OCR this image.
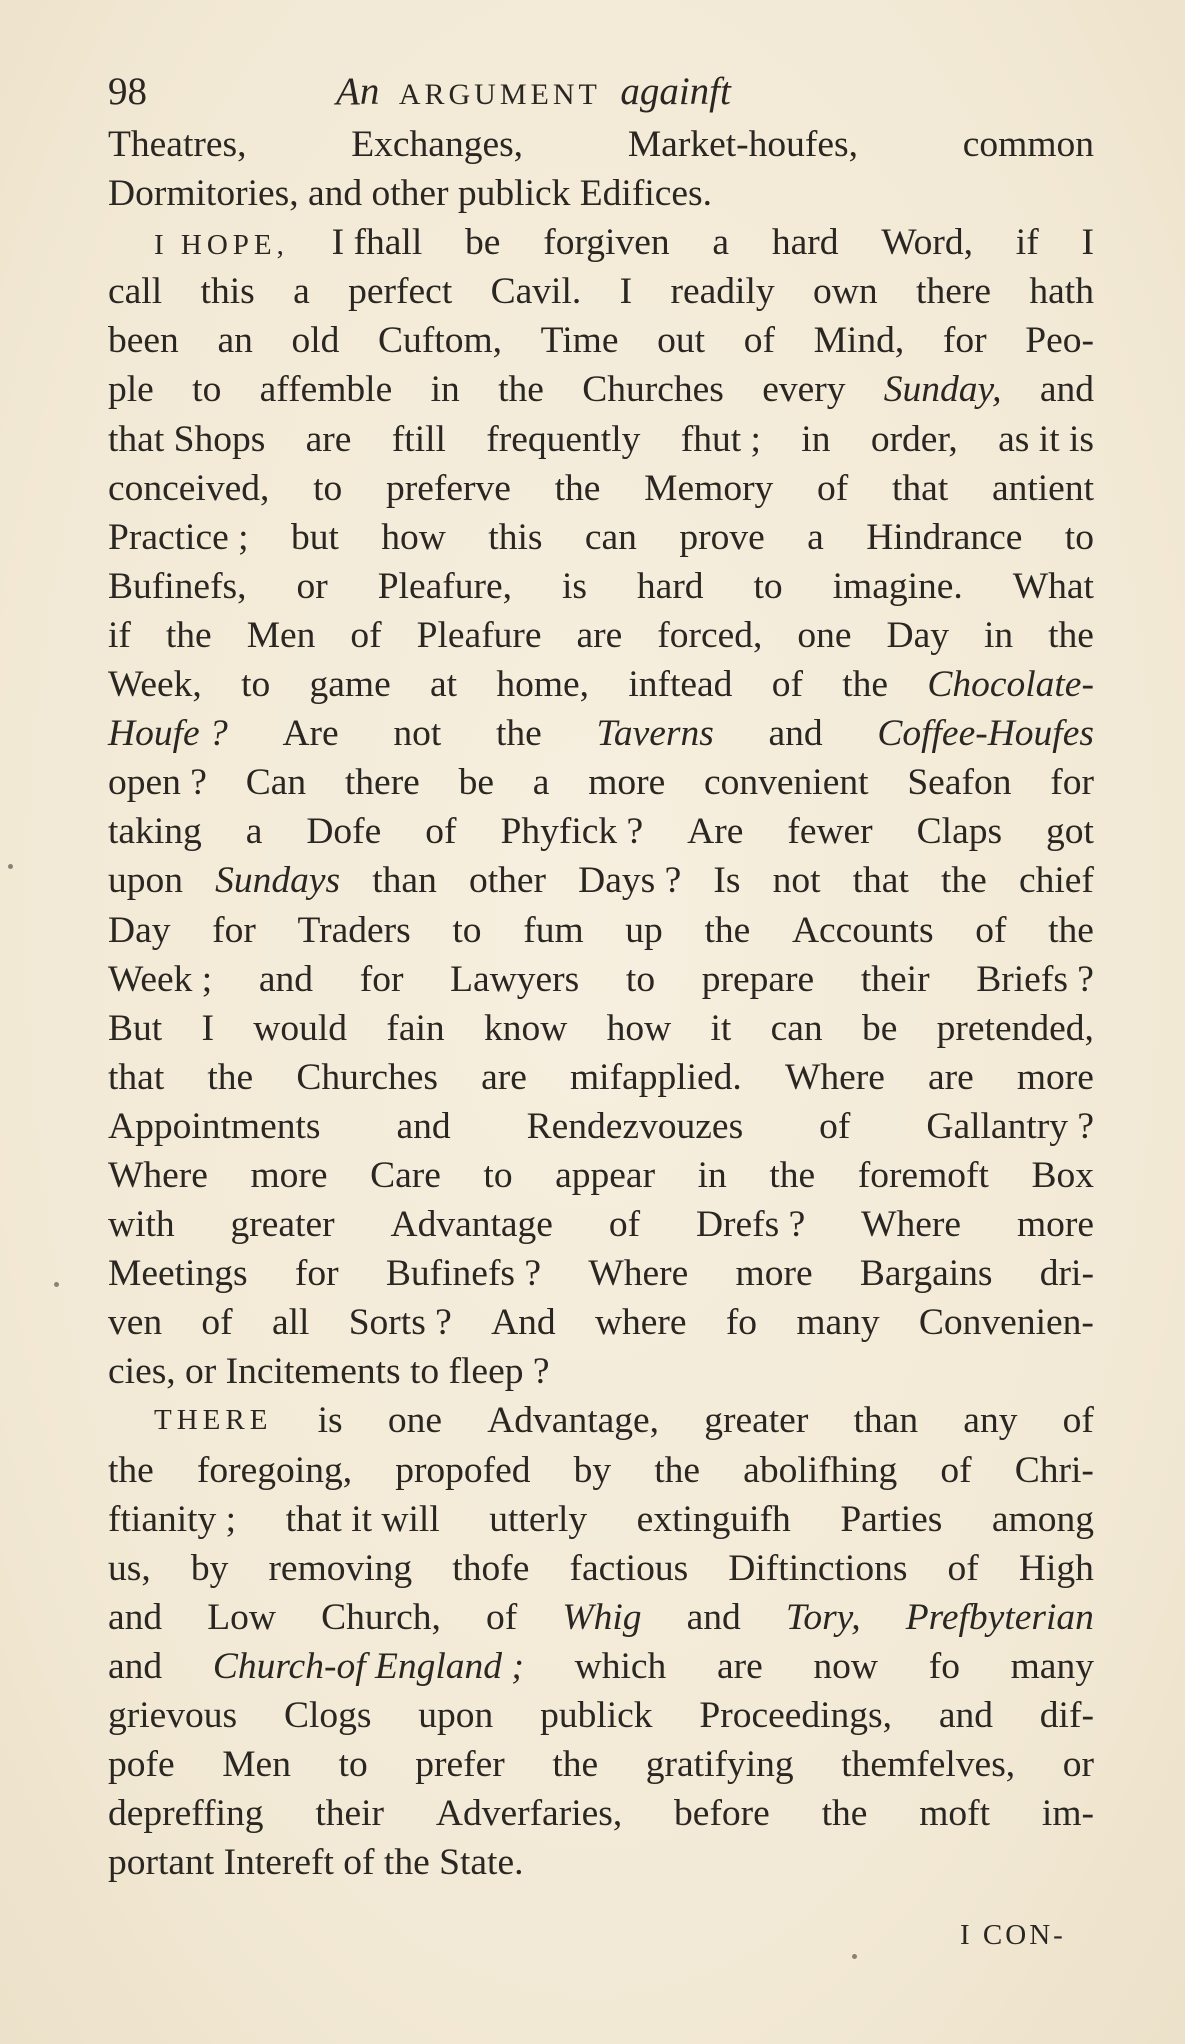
98	An ARGUMENT againft
Theatres,	Exchanges,	Market-houfes,	common
Dormitories, and other publick Edifices.
I HOPE, I fhall be forgiven a hard Word, if I
call this a perfect Cavil. I readily own there hath
been an old Cuftom, Time out of Mind, for Peo-
ple to affemble in the Churches every Sunday, and
that Shops are ftill frequently fhut ; in order, as it is
conceived, to preferve the Memory of that antient
Practice ; but how this can prove a Hindrance to
Bufinefs, or Pleafure, is hard to imagine. What
if the Men of Pleafure are forced, one Day in the
Week, to game at home, inftead of the Chocolate-
Houfe ? Are not the Taverns and Coffee-Houfes
open ? Can there be a more convenient Seafon for
taking a Dofe of Phyfick ? Are fewer Claps got
upon Sundays than other Days ? Is not that the chief
Day for Traders to fum up the Accounts of the
Week ; and for Lawyers to prepare their Briefs ?
But I would fain know how it can be pretended,
that the Churches are mifapplied. Where are more
Appointments and Rendezvouzes of Gallantry ?
Where more Care to appear in the foremoft Box
with greater Advantage of Drefs ? Where more
Meetings for Bufinefs ? Where more Bargains dri-
ven of all Sorts ? And where fo many Convenien-
cies, or Incitements to fleep ?
THERE is one Advantage, greater than any of
the foregoing, propofed by the abolifhing of Chri-
ftianity ; that it will utterly extinguifh Parties among
us, by removing thofe factious Diftinctions of High
and Low Church, of Whig and Tory, Prefbyterian
and Church-of England ; which are now fo many
grievous Clogs upon publick Proceedings, and dif-
pofe Men to prefer the gratifying themfelves, or
depreffing their Adverfaries, before the moft im-
portant Intereft of the State.
I CON-
